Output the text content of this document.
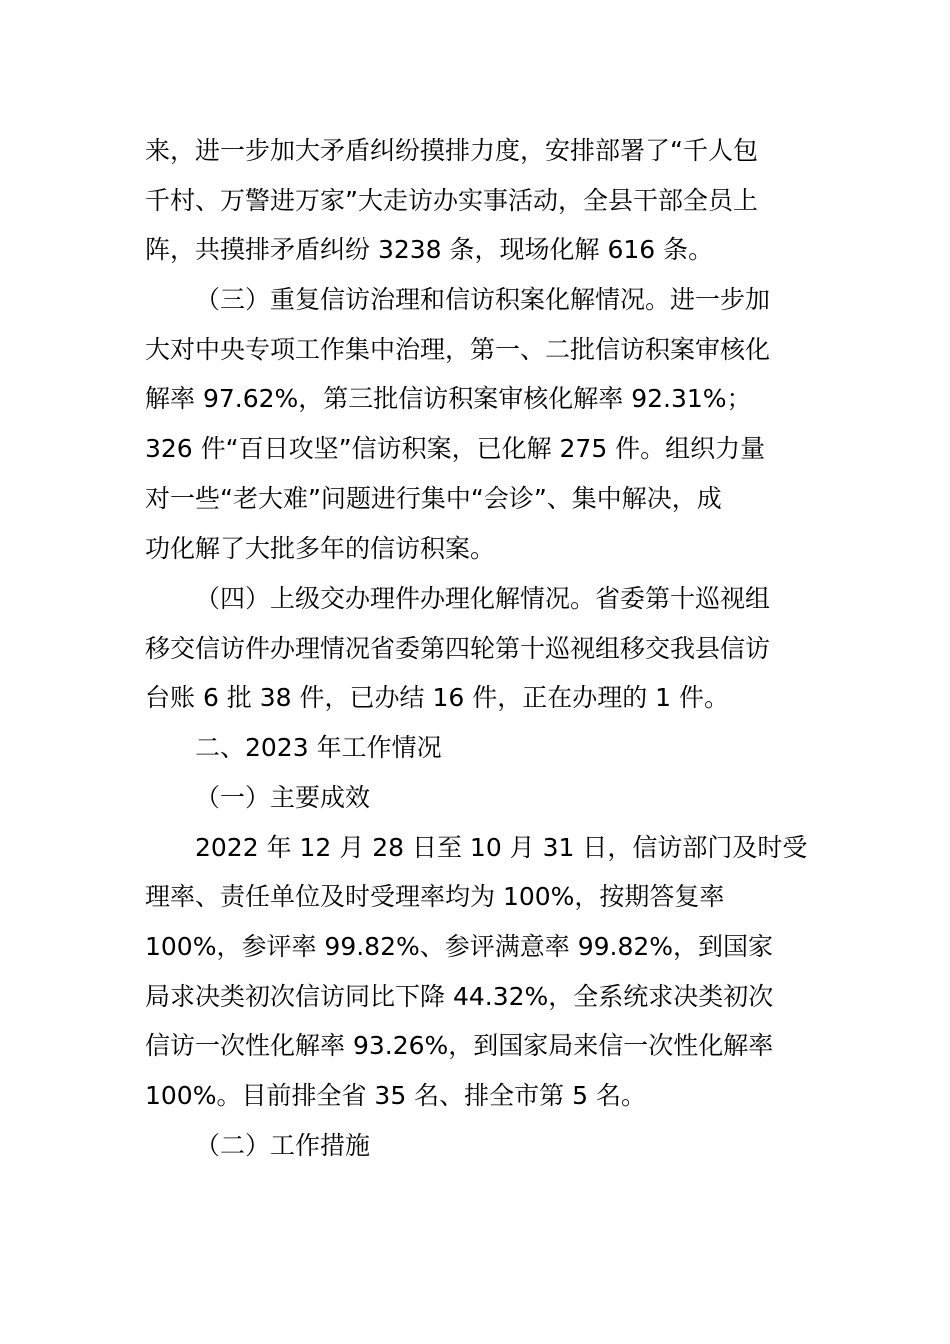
来，进一步加大矛盾纠纷摸排力度，安排部署了“千人包
千村、万警进万家”大走访办实事活动，全县干部全员上
阵，共摸排矛盾纠纷 3238 条，现场化解 616 条。
（三）重复信访治理和信访积案化解情况。进一步加
大对中央专项工作集中治理，第一、二批信访积案审核化
解率 97.62%，第三批信访积案审核化解率 92.31%；
326 件“百日攻坚”信访积案，已化解 275 件。组织力量
对一些“老大难”问题进行集中“会诊”、集中解决，成
功化解了大批多年的信访积案。
（四）上级交办理件办理化解情况。省委第十巡视组
移交信访件办理情况省委第四轮第十巡视组移交我县信访
台账 6 批 38 件，已办结 16 件，正在办理的 1 件。
二、2023 年工作情况
（一）主要成效
2022 年 12 月 28 日至 10 月 31 日，信访部门及时受
理率、责任单位及时受理率均为 100%，按期答复率
100%，参评率 99.82%、参评满意率 99.82%，到国家
局求决类初次信访同比下降 44.32%，全系统求决类初次
信访一次性化解率 93.26%，到国家局来信一次性化解率
100%。目前排全省 35 名、排全市第 5 名。
（二）工作措施
